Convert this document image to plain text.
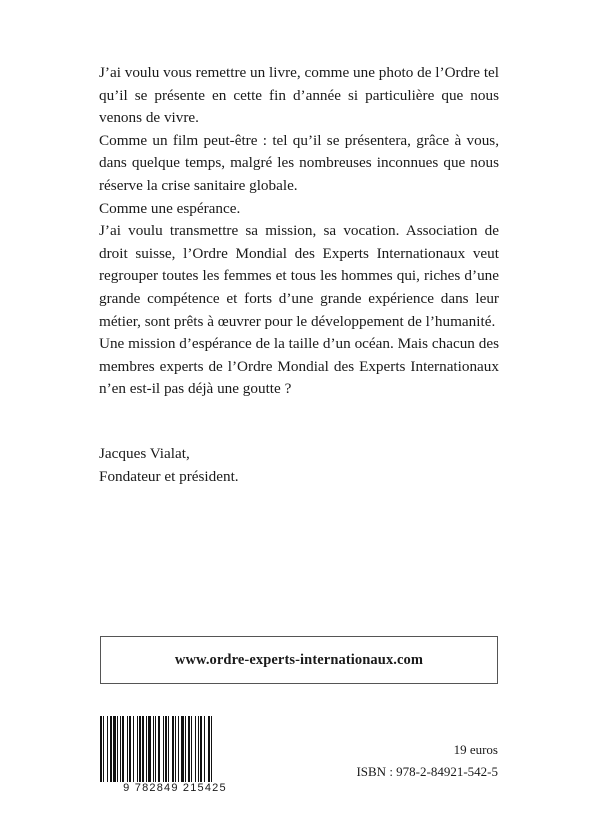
J’ai voulu vous remettre un livre, comme une photo de l’Ordre tel qu’il se présente en cette fin d’année si particulière que nous venons de vivre.

Comme un film peut-être : tel qu’il se présentera, grâce à vous, dans quelque temps, malgré les nombreuses inconnues que nous réserve la crise sanitaire globale.

Comme une espérance.

J’ai voulu transmettre sa mission, sa vocation. Association de droit suisse, l’Ordre Mondial des Experts Internationaux veut regrouper toutes les femmes et tous les hommes qui, riches d’une grande compétence et forts d’une grande expérience dans leur métier, sont prêts à œuvrer pour le développement de l’humanité.

Une mission d’espérance de la taille d’un océan. Mais chacun des membres experts de l’Ordre Mondial des Experts Internationaux n’en est-il pas déjà une goutte ?

Jacques Vialat,
Fondateur et président.
www.ordre-experts-internationaux.com
9 782849 215425
19 euros
ISBN : 978-2-84921-542-5
